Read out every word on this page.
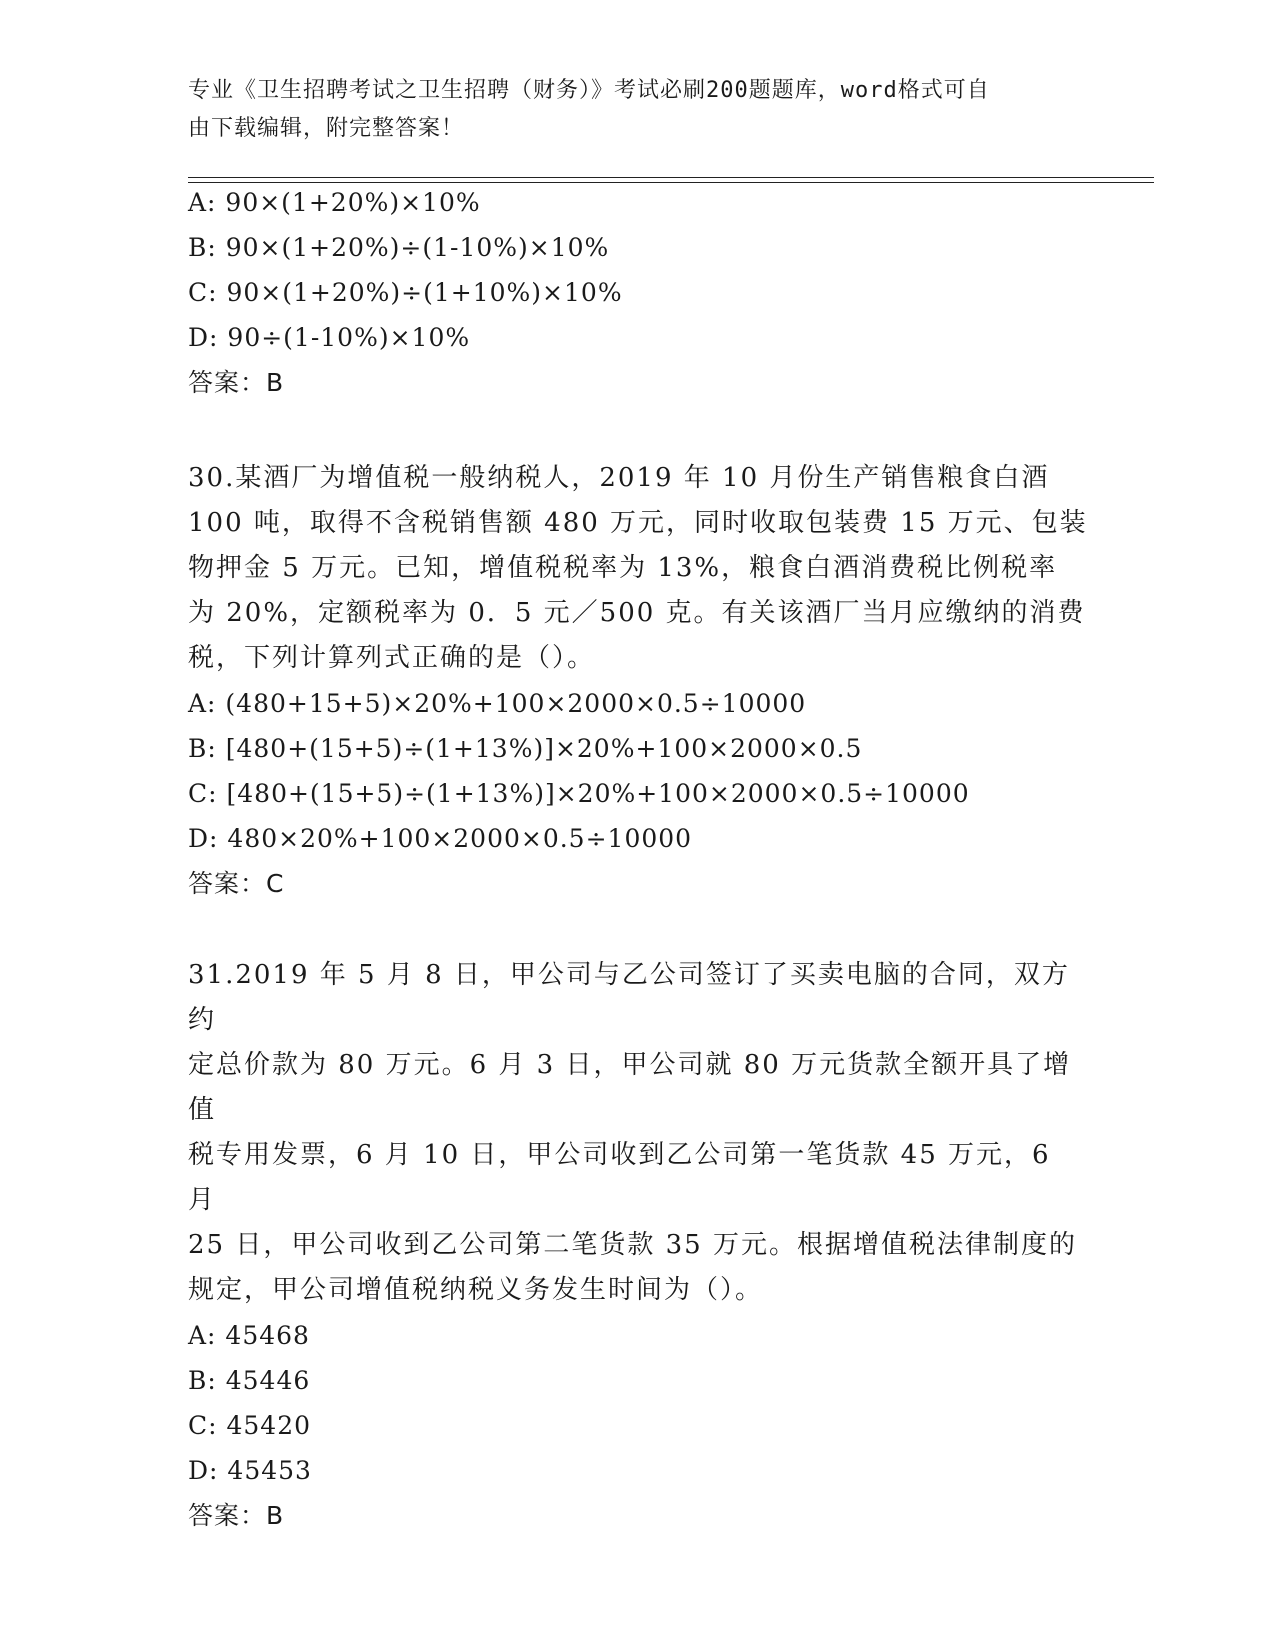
专业《卫生招聘考试之卫生招聘（财务）》考试必刷200题题库，word格式可自
由下载编辑，附完整答案！
A: 90×(1+20%)×10%
B: 90×(1+20%)÷(1-10%)×10%
C: 90×(1+20%)÷(1+10%)×10%
D: 90÷(1-10%)×10%
答案：B
30.某酒厂为增值税一般纳税人，2019 年 10 月份生产销售粮食白酒
100 吨，取得不含税销售额 480 万元，同时收取包装费 15 万元、包装
物押金 5 万元。已知，增值税税率为 13%，粮食白酒消费税比例税率
为 20%，定额税率为 0．5 元／500 克。有关该酒厂当月应缴纳的消费
税，下列计算列式正确的是（）。
A: (480+15+5)×20%+100×2000×0.5÷10000
B: [480+(15+5)÷(1+13%)]×20%+100×2000×0.5
C: [480+(15+5)÷(1+13%)]×20%+100×2000×0.5÷10000
D: 480×20%+100×2000×0.5÷10000
答案：C
31.2019 年 5 月 8 日，甲公司与乙公司签订了买卖电脑的合同，双方约
定总价款为 80 万元。6 月 3 日，甲公司就 80 万元货款全额开具了增值
税专用发票，6 月 10 日，甲公司收到乙公司第一笔货款 45 万元，6 月
25 日，甲公司收到乙公司第二笔货款 35 万元。根据增值税法律制度的
规定，甲公司增值税纳税义务发生时间为（）。
A: 45468
B: 45446
C: 45420
D: 45453
答案：B
